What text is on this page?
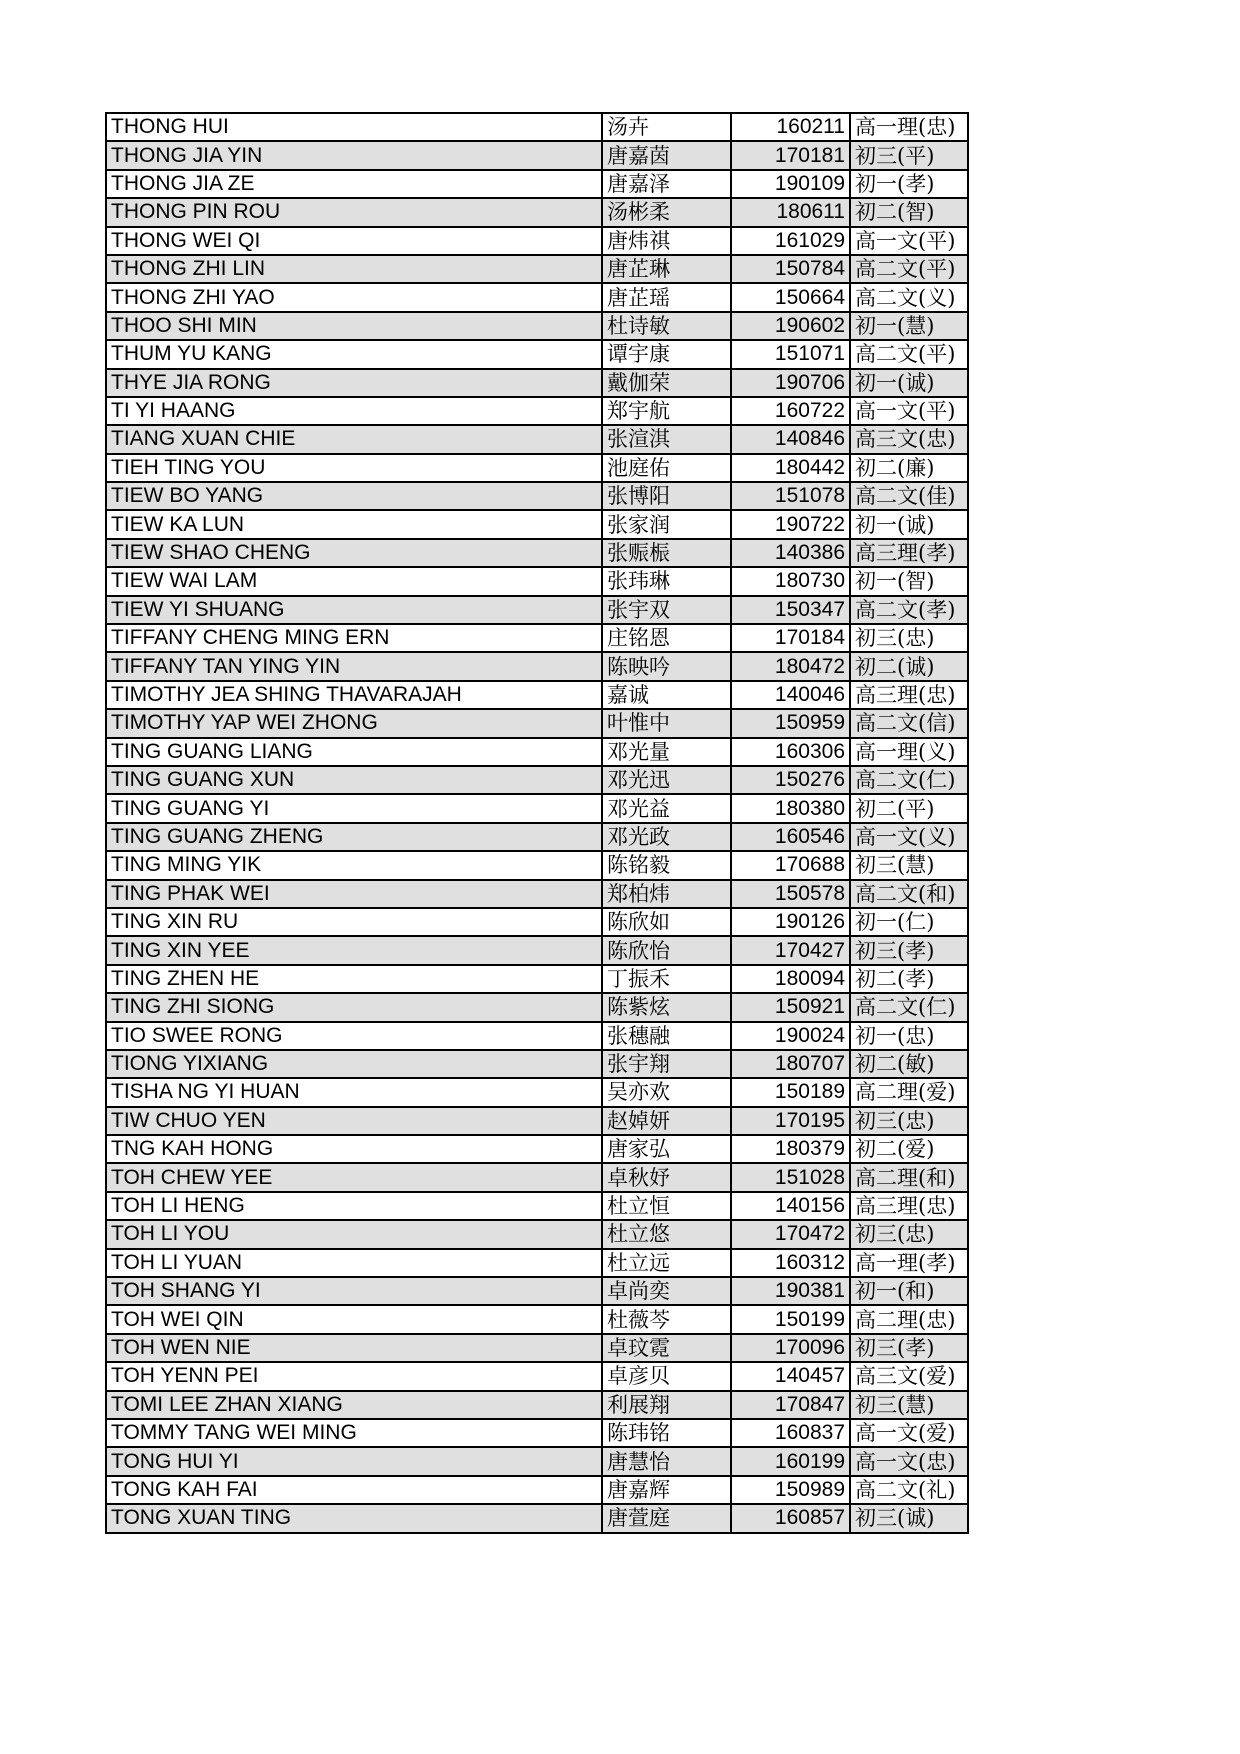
THONG HUI	汤卉	160211	高一理(忠)
THONG JIA YIN	唐嘉茵	170181	初三(平)
THONG JIA ZE	唐嘉泽	190109	初一(孝)
THONG PIN ROU	汤彬柔	180611	初二(智)
THONG WEI QI	唐炜祺	161029	高一文(平)
THONG ZHI LIN	唐芷琳	150784	高二文(平)
THONG ZHI YAO	唐芷瑶	150664	高二文(义)
THOO SHI MIN	杜诗敏	190602	初一(慧)
THUM YU KANG	谭宇康	151071	高二文(平)
THYE JIA RONG	戴伽荣	190706	初一(诚)
TI YI HAANG	郑宇航	160722	高一文(平)
TIANG XUAN CHIE	张渲淇	140846	高三文(忠)
TIEH TING YOU	池庭佑	180442	初二(廉)
TIEW BO YANG	张博阳	151078	高二文(佳)
TIEW KA LUN	张家润	190722	初一(诚)
TIEW SHAO CHENG	张赈桭	140386	高三理(孝)
TIEW WAI LAM	张玮琳	180730	初一(智)
TIEW YI SHUANG	张宇双	150347	高二文(孝)
TIFFANY CHENG MING ERN	庄铭恩	170184	初三(忠)
TIFFANY TAN YING YIN	陈映吟	180472	初二(诚)
TIMOTHY JEA SHING THAVARAJAH	嘉诚	140046	高三理(忠)
TIMOTHY YAP WEI ZHONG	叶惟中	150959	高二文(信)
TING GUANG LIANG	邓光量	160306	高一理(义)
TING GUANG XUN	邓光迅	150276	高二文(仁)
TING GUANG YI	邓光益	180380	初二(平)
TING GUANG ZHENG	邓光政	160546	高一文(义)
TING MING YIK	陈铭毅	170688	初三(慧)
TING PHAK WEI	郑柏炜	150578	高二文(和)
TING XIN RU	陈欣如	190126	初一(仁)
TING XIN YEE	陈欣怡	170427	初三(孝)
TING ZHEN HE	丁振禾	180094	初二(孝)
TING ZHI SIONG	陈紫炫	150921	高二文(仁)
TIO SWEE RONG	张穗融	190024	初一(忠)
TIONG YIXIANG	张宇翔	180707	初二(敏)
TISHA NG YI HUAN	吴亦欢	150189	高二理(爱)
TIW CHUO YEN	赵婥妍	170195	初三(忠)
TNG KAH HONG	唐家弘	180379	初二(爱)
TOH CHEW YEE	卓秋妤	151028	高二理(和)
TOH LI HENG	杜立恒	140156	高三理(忠)
TOH LI YOU	杜立悠	170472	初三(忠)
TOH LI YUAN	杜立远	160312	高一理(孝)
TOH SHANG YI	卓尚奕	190381	初一(和)
TOH WEI QIN	杜薇芩	150199	高二理(忠)
TOH WEN NIE	卓玟霓	170096	初三(孝)
TOH YENN PEI	卓彦贝	140457	高三文(爱)
TOMI LEE ZHAN XIANG	利展翔	170847	初三(慧)
TOMMY TANG WEI MING	陈玮铭	160837	高一文(爱)
TONG HUI YI	唐慧怡	160199	高一文(忠)
TONG KAH FAI	唐嘉辉	150989	高二文(礼)
TONG XUAN TING	唐萱庭	160857	初三(诚)
